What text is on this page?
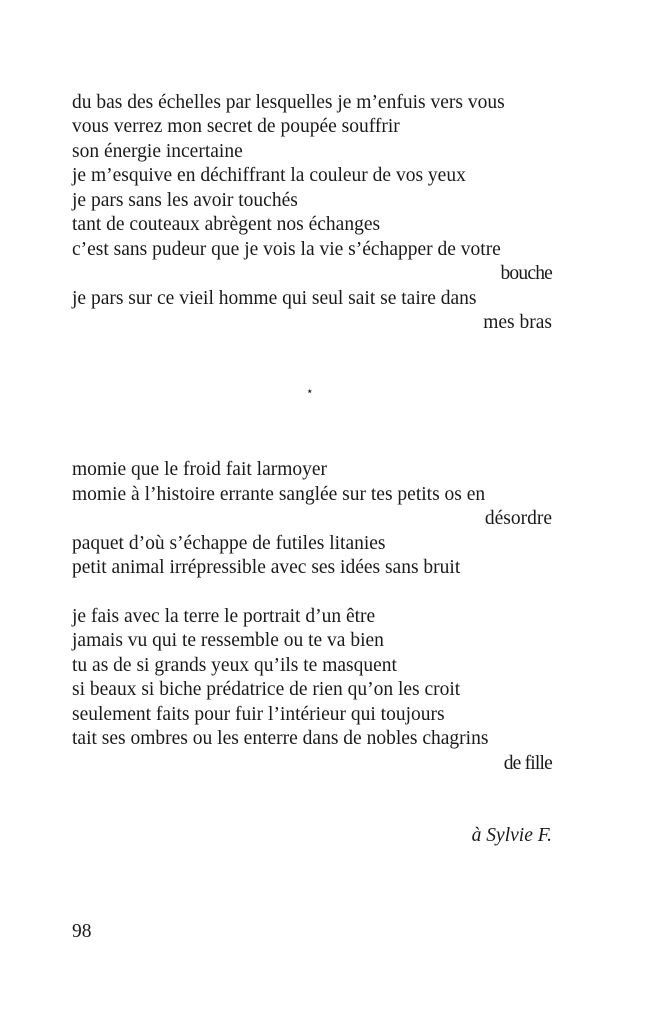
du bas des échelles par lesquelles je m’enfuis vers vous
vous verrez mon secret de poupée souffrir
son énergie incertaine
je m’esquive en déchiffrant la couleur de vos yeux
je pars sans les avoir touchés
tant de couteaux abrègent nos échanges
c’est sans pudeur que je vois la vie s’échapper de votre
bouche
je pars sur ce vieil homme qui seul sait se taire dans
mes bras
⋆
momie que le froid fait larmoyer
momie à l’histoire errante sanglée sur tes petits os en
désordre
paquet d’où s’échappe de futiles litanies
petit animal irrépressible avec ses idées sans bruit
je fais avec la terre le portrait d’un être
jamais vu qui te ressemble ou te va bien
tu as de si grands yeux qu’ils te masquent
si beaux si biche prédatrice de rien qu’on les croit
seulement faits pour fuir l’intérieur qui toujours
tait ses ombres ou les enterre dans de nobles chagrins
de fille
à Sylvie F.
98
